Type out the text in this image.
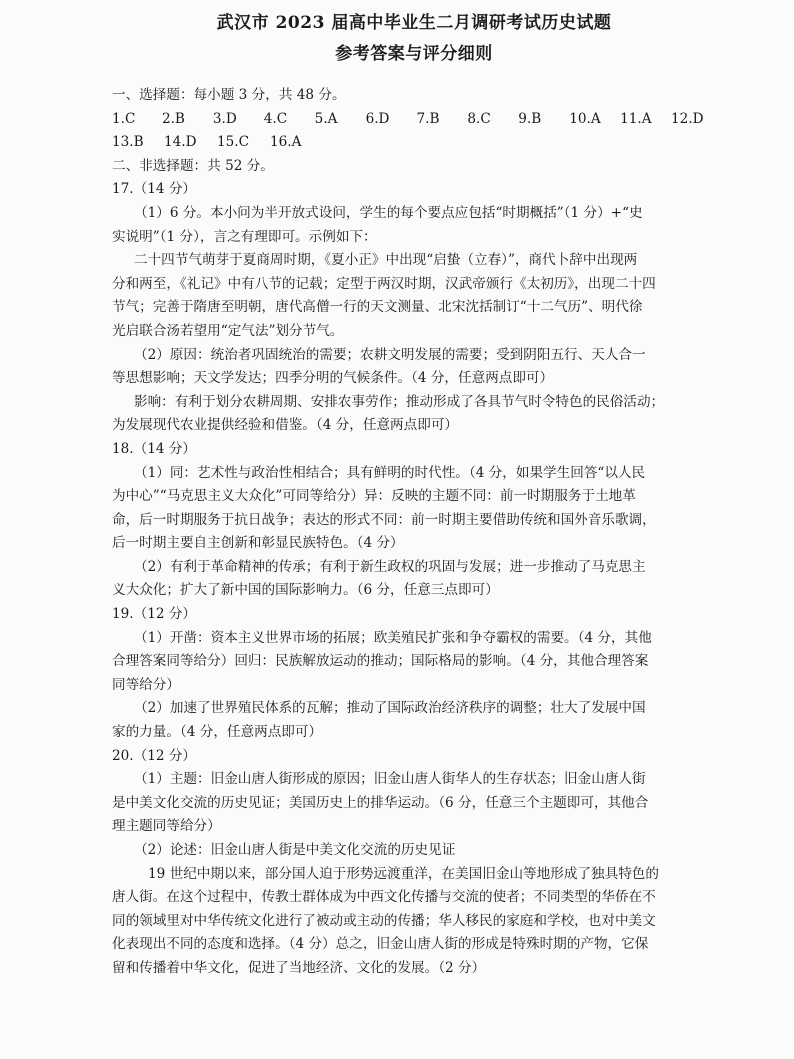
武汉市 2023 届高中毕业生二月调研考试历史试题
参考答案与评分细则
一、选择题：每小题 3 分，共 48 分。
1.C	2.B	3.D	4.C	5.A	6.D	7.B	8.C	9.B	10.A	11.A	12.D
13.B	14.D	15.C	16.A
二、非选择题：共 52 分。
17.（14 分）
（1）6 分。本小问为半开放式设问，学生的每个要点应包括“时期概括”（1 分）+“史
实说明”（1 分），言之有理即可。示例如下：
二十四节气萌芽于夏商周时期，《夏小正》中出现“启蛰（立春）”，商代卜辞中出现两
分和两至，《礼记》中有八节的记载；定型于两汉时期，汉武帝颁行《太初历》，出现二十四
节气；完善于隋唐至明朝，唐代高僧一行的天文测量、北宋沈括制订“十二气历”、明代徐
光启联合汤若望用“定气法”划分节气。
（2）原因：统治者巩固统治的需要；农耕文明发展的需要；受到阴阳五行、天人合一
等思想影响；天文学发达；四季分明的气候条件。（4 分，任意两点即可）
影响：有利于划分农耕周期、安排农事劳作；推动形成了各具节气时令特色的民俗活动；
为发展现代农业提供经验和借鉴。（4 分，任意两点即可）
18.（14 分）
（1）同：艺术性与政治性相结合；具有鲜明的时代性。（4 分，如果学生回答“以人民
为中心”“马克思主义大众化”可同等给分）异：反映的主题不同：前一时期服务于土地革
命，后一时期服务于抗日战争；表达的形式不同：前一时期主要借助传统和国外音乐歌调，
后一时期主要自主创新和彰显民族特色。（4 分）
（2）有利于革命精神的传承；有利于新生政权的巩固与发展；进一步推动了马克思主
义大众化；扩大了新中国的国际影响力。（6 分，任意三点即可）
19.（12 分）
（1）开凿：资本主义世界市场的拓展；欧美殖民扩张和争夺霸权的需要。（4 分，其他
合理答案同等给分）回归：民族解放运动的推动；国际格局的影响。（4 分，其他合理答案
同等给分）
（2）加速了世界殖民体系的瓦解；推动了国际政治经济秩序的调整；壮大了发展中国
家的力量。（4 分，任意两点即可）
20.（12 分）
（1）主题：旧金山唐人街形成的原因；旧金山唐人街华人的生存状态；旧金山唐人街
是中美文化交流的历史见证；美国历史上的排华运动。（6 分，任意三个主题即可，其他合
理主题同等给分）
（2）论述：旧金山唐人街是中美文化交流的历史见证
19 世纪中期以来，部分国人迫于形势远渡重洋，在美国旧金山等地形成了独具特色的
唐人街。在这个过程中，传教士群体成为中西文化传播与交流的使者；不同类型的华侨在不
同的领域里对中华传统文化进行了被动或主动的传播；华人移民的家庭和学校，也对中美文
化表现出不同的态度和选择。（4 分）总之，旧金山唐人街的形成是特殊时期的产物，它保
留和传播着中华文化，促进了当地经济、文化的发展。（2 分）
